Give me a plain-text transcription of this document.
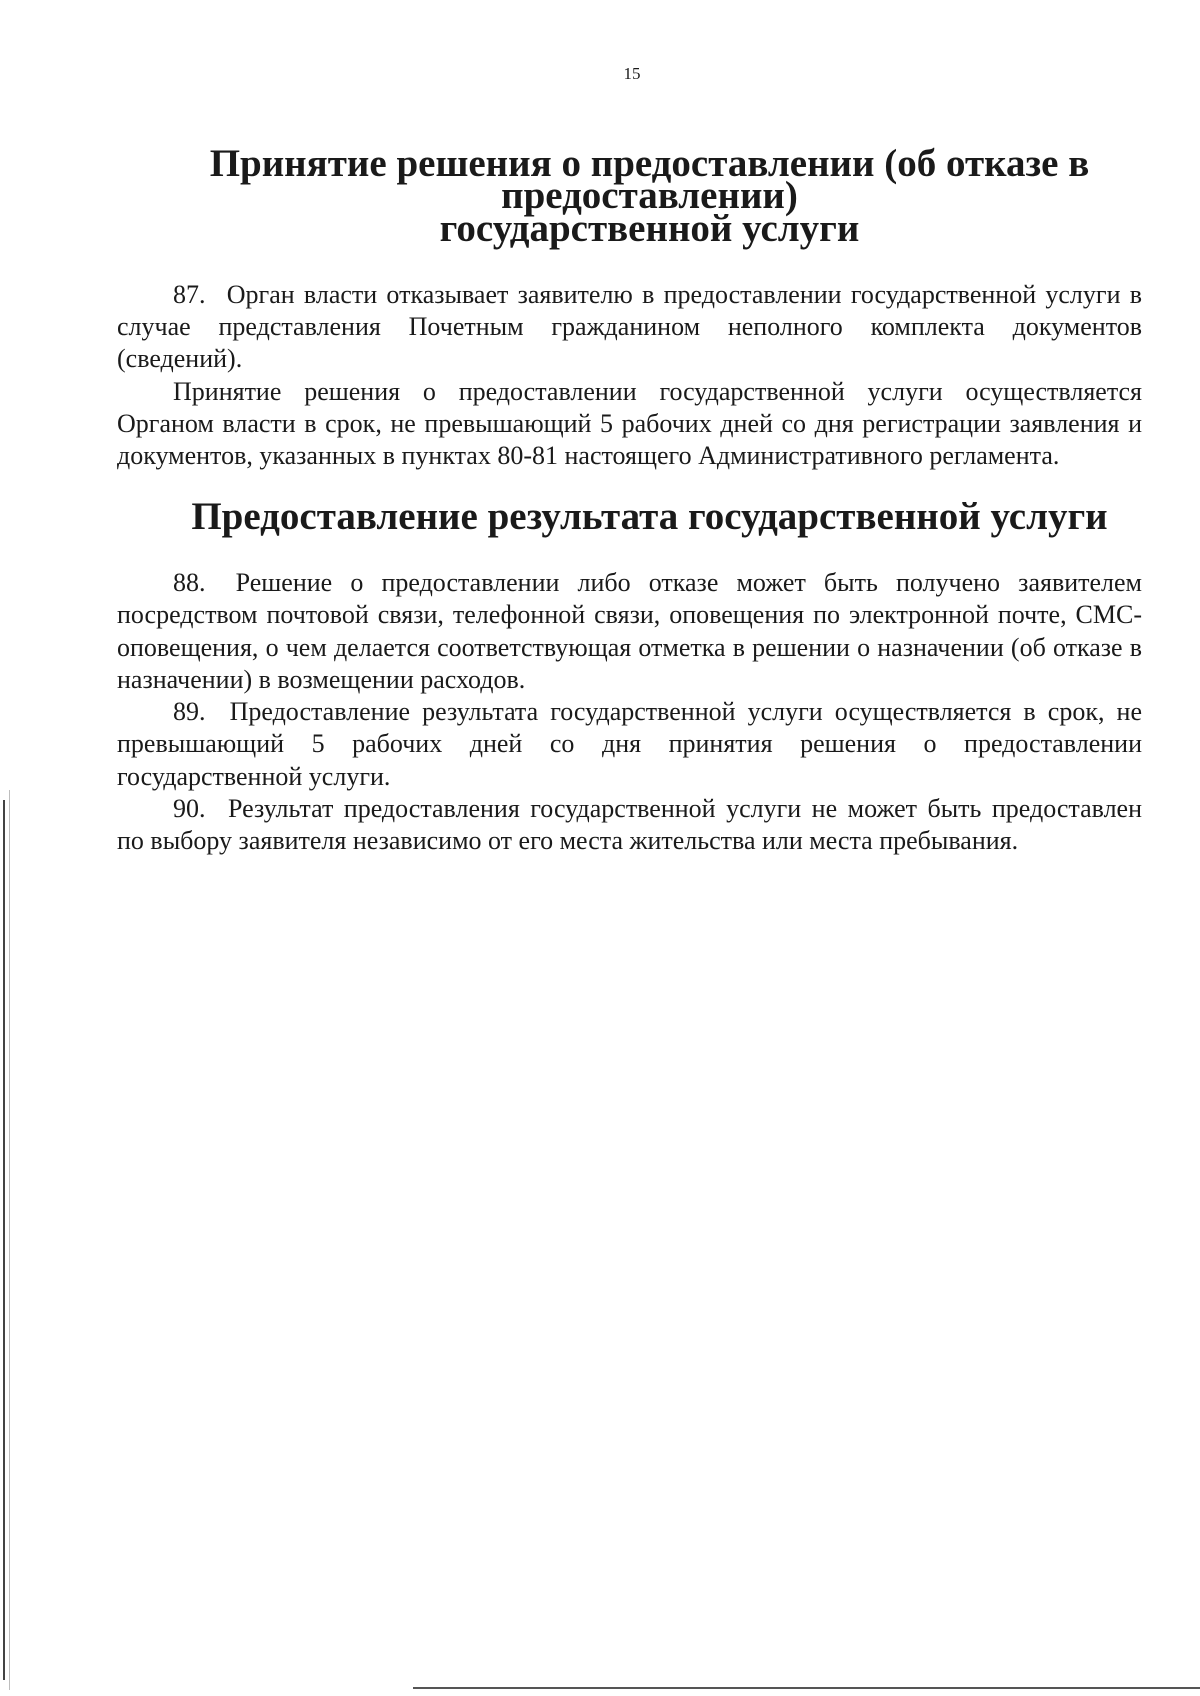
15
Принятие решения о предоставлении (об отказе в предоставлении)
государственной услуги

87. Орган власти отказывает заявителю в предоставлении государственной услуги в случае представления Почетным гражданином неполного комплекта документов (сведений).

Принятие решения о предоставлении государственной услуги осуществляется Органом власти в срок, не превышающий 5 рабочих дней со дня регистрации заявления и документов, указанных в пунктах 80-81 настоящего Административного регламента.

Предоставление результата государственной услуги

88. Решение о предоставлении либо отказе может быть получено заявителем посредством почтовой связи, телефонной связи, оповещения по электронной почте, СМС-оповещения, о чем делается соответствующая отметка в решении о назначении (об отказе в назначении) в возмещении расходов.

89. Предоставление результата государственной услуги осуществляется в срок, не превышающий 5 рабочих дней со дня принятия решения о предоставлении государственной услуги.

90. Результат предоставления государственной услуги не может быть предоставлен по выбору заявителя независимо от его места жительства или места пребывания.
